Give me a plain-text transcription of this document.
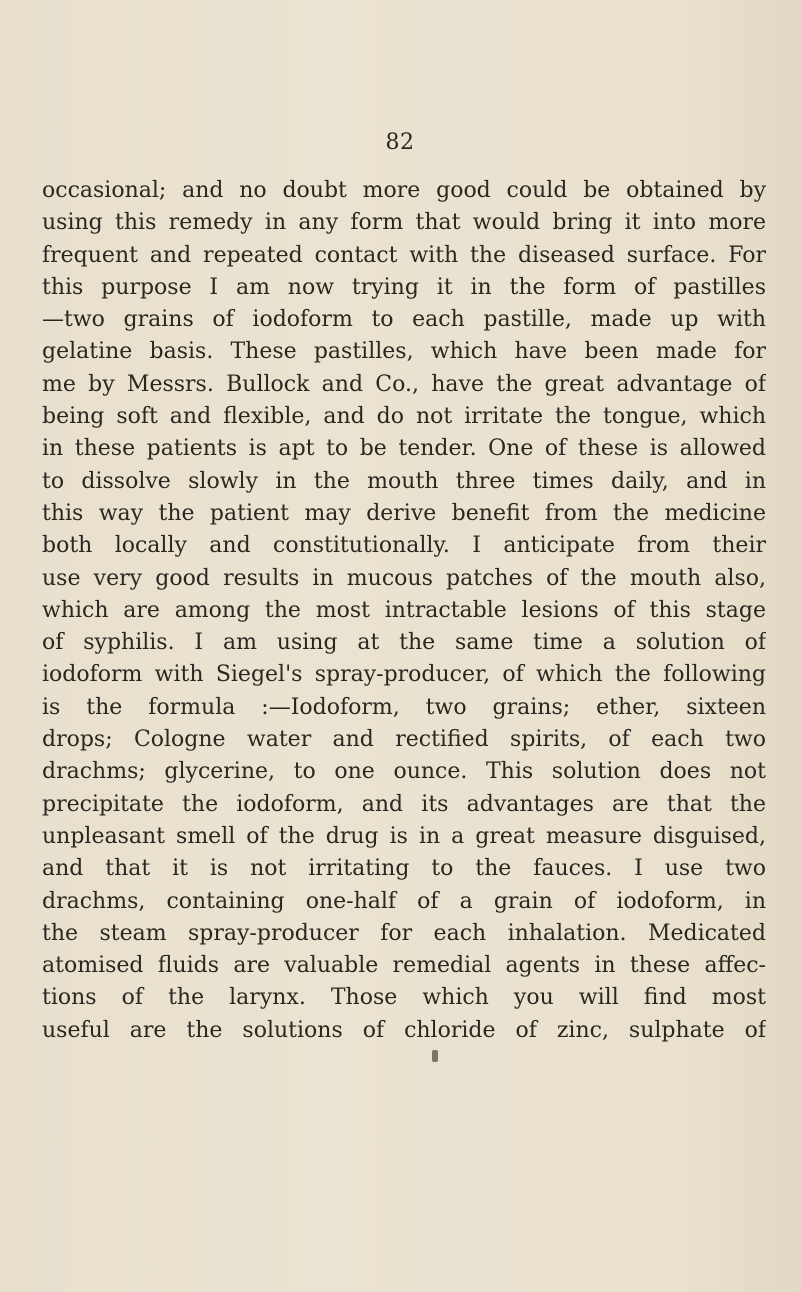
82
occasional; and no doubt more good could be obtained by
using this remedy in any form that would bring it into more
frequent and repeated contact with the diseased surface. For
this purpose I am now trying it in the form of pastilles
—two grains of iodoform to each pastille, made up with
gelatine basis. These pastilles, which have been made for
me by Messrs. Bullock and Co., have the great advantage of
being soft and flexible, and do not irritate the tongue, which
in these patients is apt to be tender. One of these is allowed
to dissolve slowly in the mouth three times daily, and in
this way the patient may derive benefit from the medicine
both locally and constitutionally. I anticipate from their
use very good results in mucous patches of the mouth also,
which are among the most intractable lesions of this stage
of syphilis. I am using at the same time a solution of
iodoform with Siegel's spray-producer, of which the following
is the formula :—Iodoform, two grains; ether, sixteen
drops; Cologne water and rectified spirits, of each two
drachms; glycerine, to one ounce. This solution does not
precipitate the iodoform, and its advantages are that the
unpleasant smell of the drug is in a great measure disguised,
and that it is not irritating to the fauces. I use two
drachms, containing one-half of a grain of iodoform, in
the steam spray-producer for each inhalation. Medicated
atomised fluids are valuable remedial agents in these affec-
tions of the larynx. Those which you will find most
useful are the solutions of chloride of zinc, sulphate of
